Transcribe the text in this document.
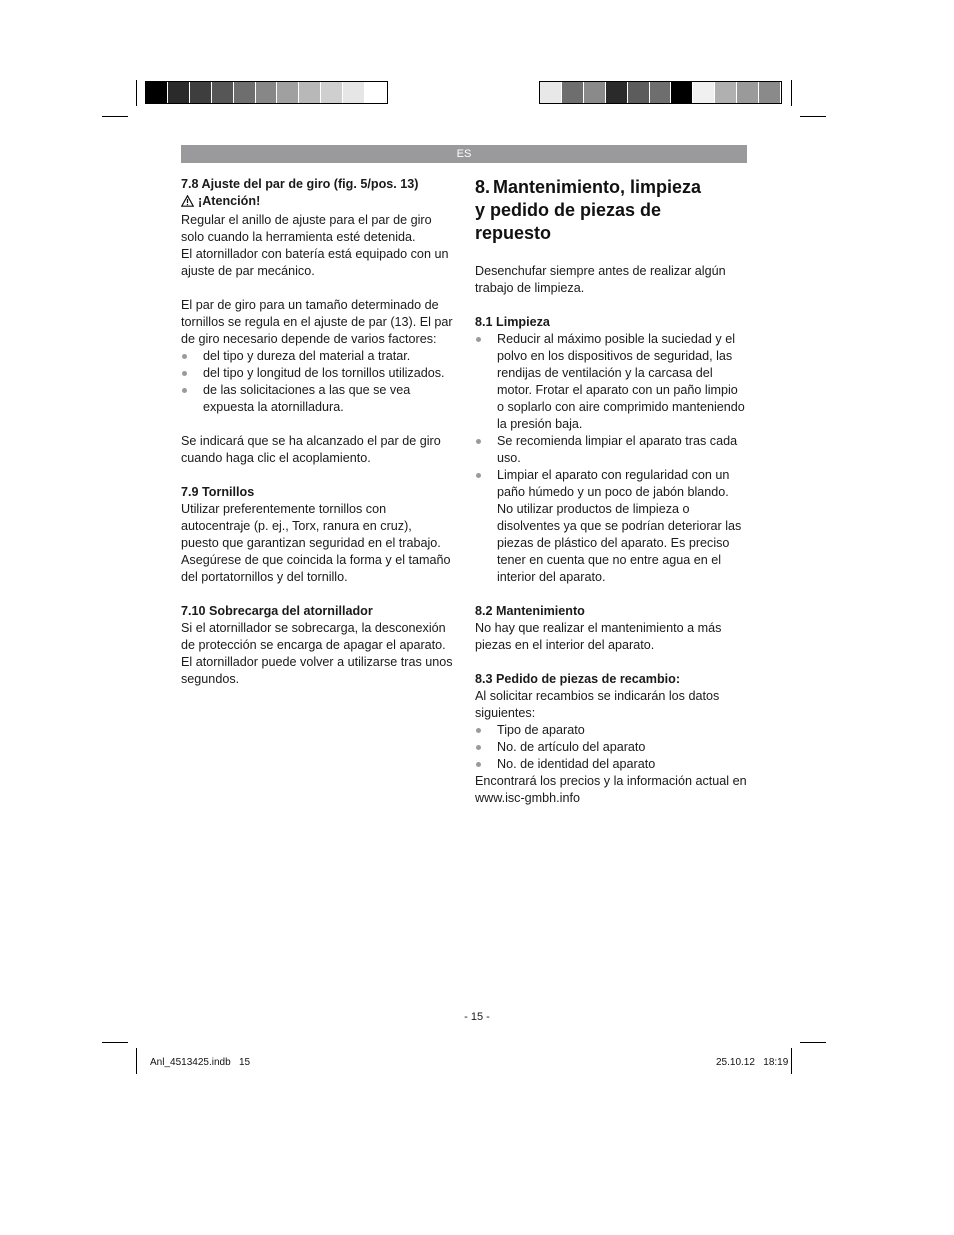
ES

7.8 Ajuste del par de giro (fig. 5/pos. 13)

¡Atención!

Regular el anillo de ajuste para el par de giro solo cuando la herramienta esté detenida.

El atornillador con batería está equipado con un ajuste de par mecánico.

El par de giro para un tamaño determinado de tornillos se regula en el ajuste de par (13). El par de giro necesario depende de varios factores:

del tipo y dureza del material a tratar.

del tipo y longitud de los tornillos utilizados.

de las solicitaciones a las que se vea expuesta la atornilladura.

Se indicará que se ha alcanzado el par de giro cuando haga clic el acoplamiento.

7.9 Tornillos

Utilizar preferentemente tornillos con autocentraje (p. ej., Torx, ranura en cruz), puesto que garantizan seguridad en el trabajo. Asegúrese de que coincida la forma y el tamaño del portatornillos y del tornillo.

7.10 Sobrecarga del atornillador

Si el atornillador se sobrecarga, la desconexión de protección se encarga de apagar el aparato. El atornillador puede volver a utilizarse tras unos segundos.

8. Mantenimiento, limpieza

y pedido de piezas de

repuesto

Desenchufar siempre antes de realizar algún trabajo de limpieza.

8.1 Limpieza

Reducir al máximo posible la suciedad y el polvo en los dispositivos de seguridad, las rendijas de ventilación y la carcasa del motor. Frotar el aparato con un paño limpio o soplarlo con aire comprimido manteniendo la presión baja.

Se recomienda limpiar el aparato tras cada uso.

Limpiar el aparato con regularidad con un paño húmedo y un poco de jabón blando. No utilizar productos de limpieza o disolventes ya que se podrían deteriorar las piezas de plástico del aparato. Es preciso tener en cuenta que no entre agua en el interior del aparato.

8.2 Mantenimiento

No hay que realizar el mantenimiento a más piezas en el interior del aparato.

8.3 Pedido de piezas de recambio:

Al solicitar recambios se indicarán los datos siguientes:

Tipo de aparato

No. de artículo del aparato

No. de identidad del aparato

Encontrará los precios y la información actual en www.isc-gmbh.info

- 15 -
Anl_4513425.indb   15	25.10.12   18:19
